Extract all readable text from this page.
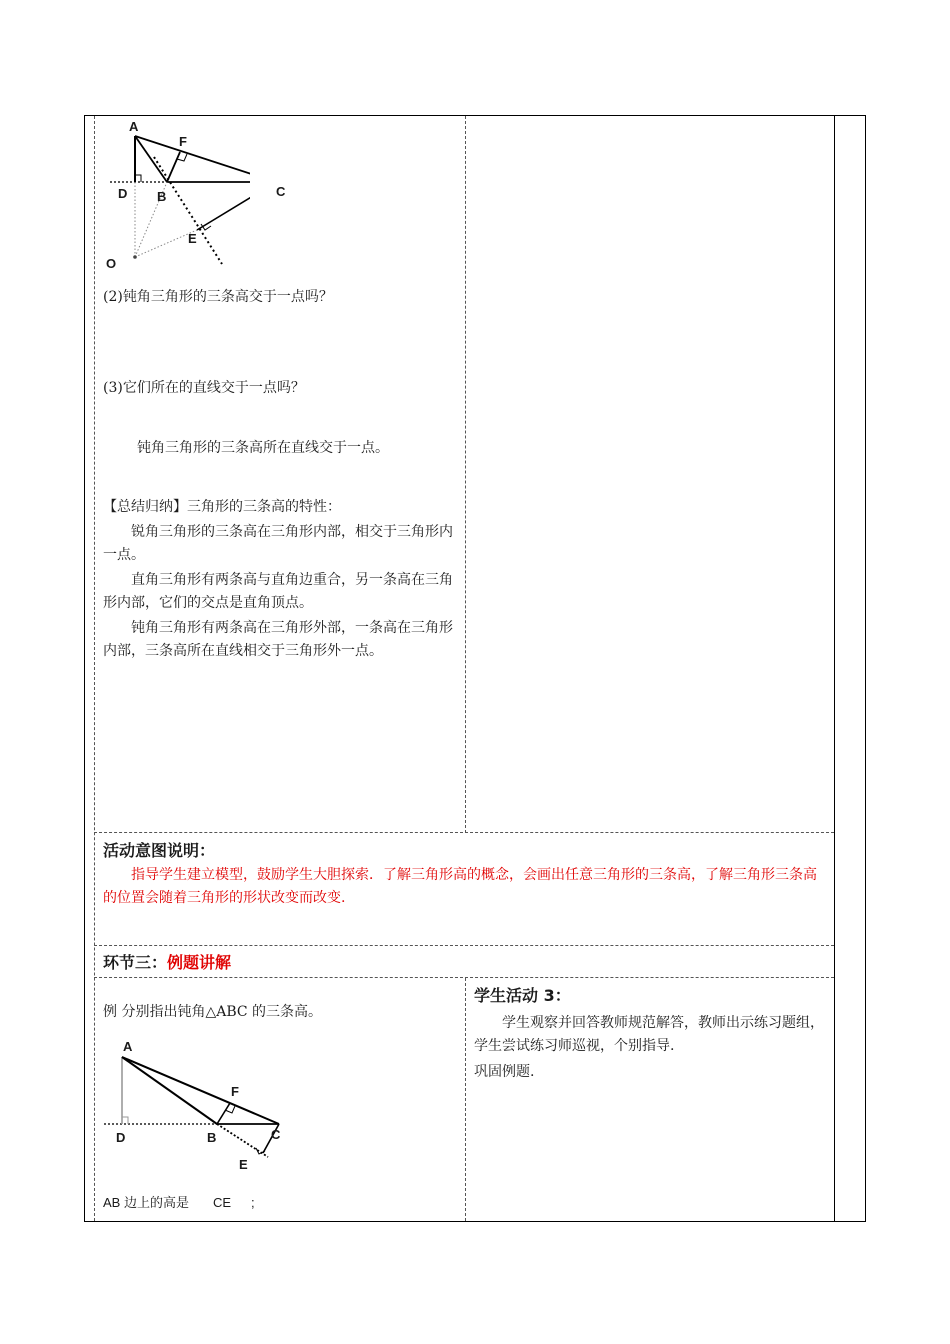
A
F
D B	C
E
O
(2)钝角三角形的三条高交于一点吗？
(3)它们所在的直线交于一点吗？
钝角三角形的三条高所在直线交于一点。
【总结归纳】三角形的三条高的特性：
锐角三角形的三条高在三角形内部，相交于三角形内一点。
直角三角形有两条高与直角边重合，另一条高在三角形内部，它们的交点是直角顶点。
钝角三角形有两条高在三角形外部，一条高在三角形内部，三条高所在直线相交于三角形外一点。
活动意图说明：
指导学生建立模型，鼓励学生大胆探索．了解三角形高的概念，会画出任意三角形的三条高，了解三角形三条高的位置会随着三角形的形状改变而改变.
环节三：例题讲解
例 分别指出钝角△ABC 的三条高。
A
F
D	B	C
E
AB 边上的高是 CE ;
学生活动 3：
学生观察并回答教师规范解答，教师出示练习题组，学生尝试练习师巡视，个别指导.
巩固例题.
